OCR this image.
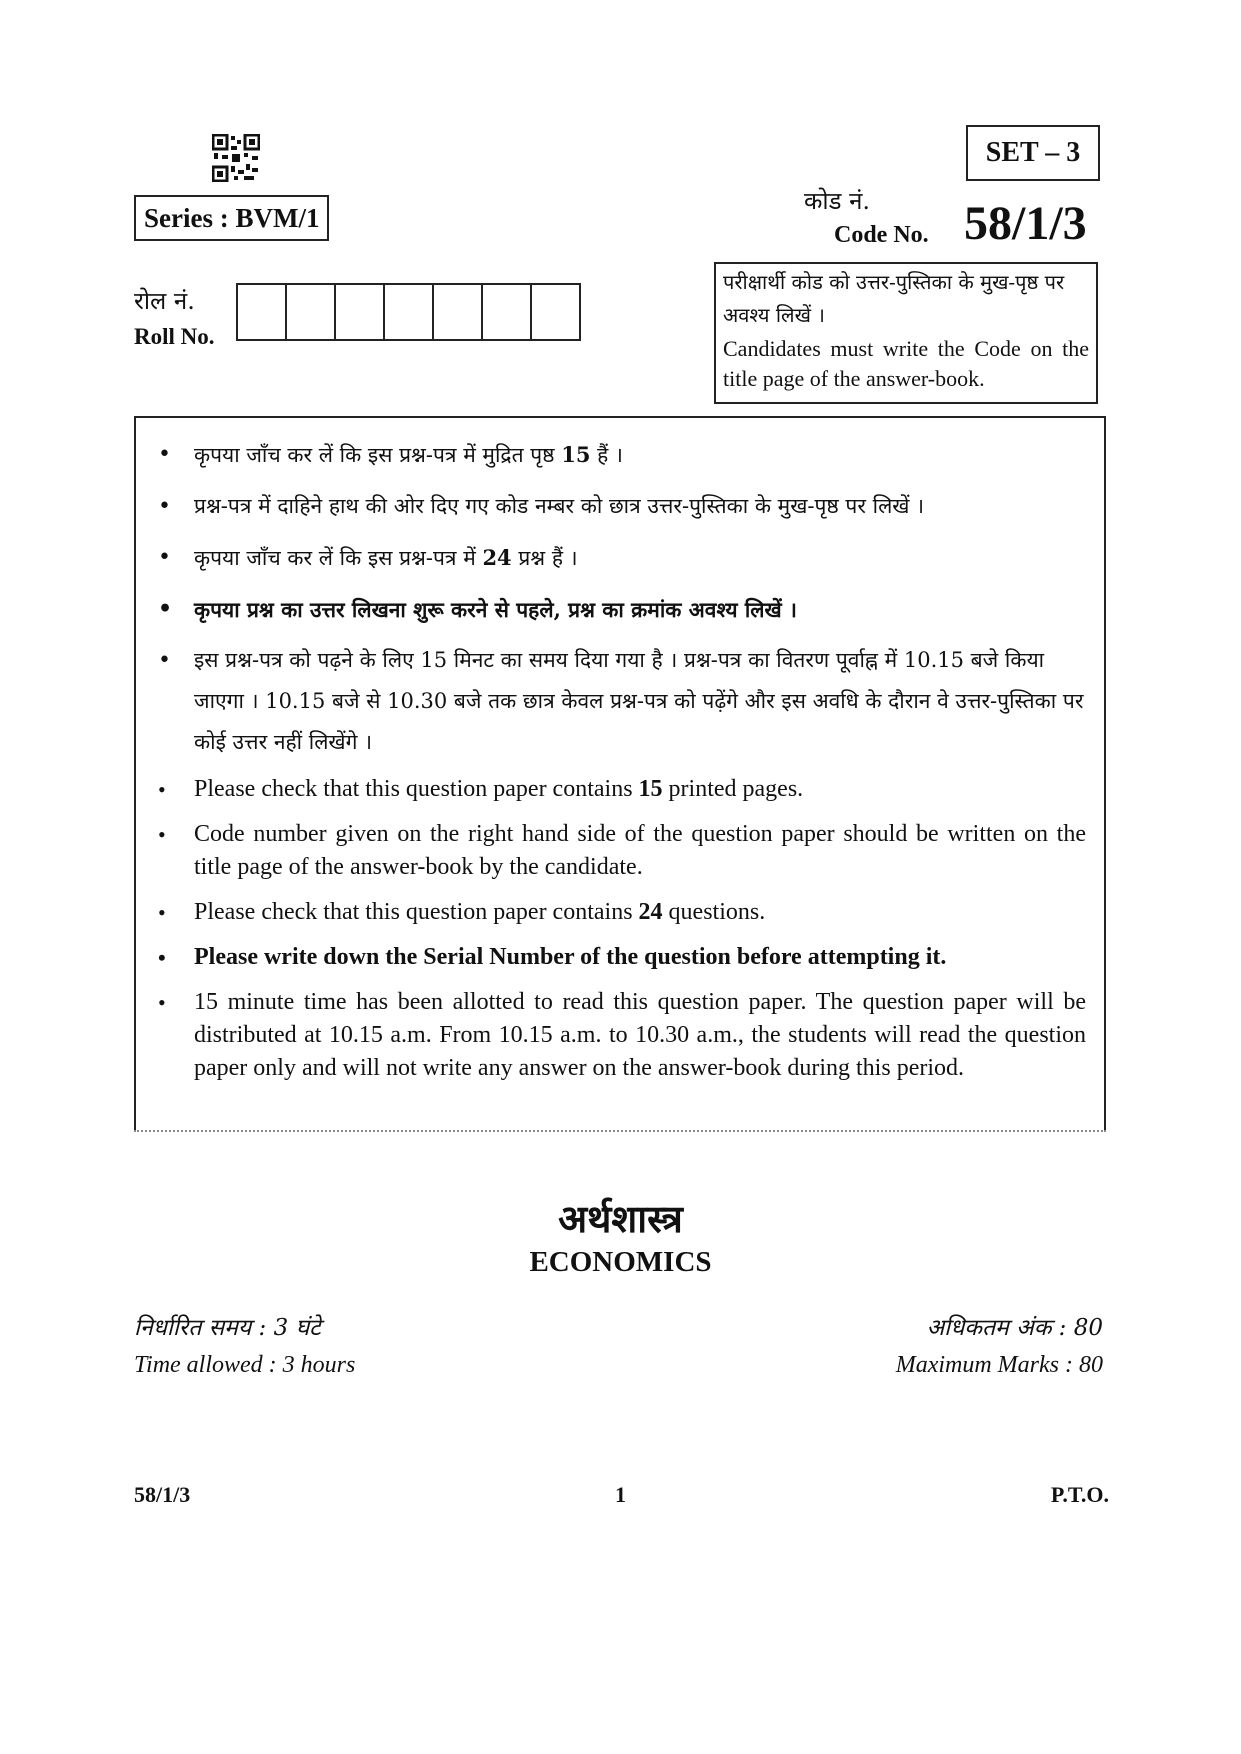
Series : BVM/1
SET – 3
कोड नं.
Code No. 58/1/3
रोल नं.
Roll No.
परीक्षार्थी कोड को उत्तर-पुस्तिका के मुख-पृष्ठ पर अवश्य लिखें ।
Candidates must write the Code on the title page of the answer-book.
• कृपया जाँच कर लें कि इस प्रश्न-पत्र में मुद्रित पृष्ठ 15 हैं ।
• प्रश्न-पत्र में दाहिने हाथ की ओर दिए गए कोड नम्बर को छात्र उत्तर-पुस्तिका के मुख-पृष्ठ पर लिखें ।
• कृपया जाँच कर लें कि इस प्रश्न-पत्र में 24 प्रश्न हैं ।
• कृपया प्रश्न का उत्तर लिखना शुरू करने से पहले, प्रश्न का क्रमांक अवश्य लिखें ।
• इस प्रश्न-पत्र को पढ़ने के लिए 15 मिनट का समय दिया गया है । प्रश्न-पत्र का वितरण पूर्वाह्न में 10.15 बजे किया जाएगा । 10.15 बजे से 10.30 बजे तक छात्र केवल प्रश्न-पत्र को पढ़ेंगे और इस अवधि के दौरान वे उत्तर-पुस्तिका पर कोई उत्तर नहीं लिखेंगे ।
• Please check that this question paper contains 15 printed pages.
• Code number given on the right hand side of the question paper should be written on the title page of the answer-book by the candidate.
• Please check that this question paper contains 24 questions.
• Please write down the Serial Number of the question before attempting it.
• 15 minute time has been allotted to read this question paper. The question paper will be distributed at 10.15 a.m. From 10.15 a.m. to 10.30 a.m., the students will read the question paper only and will not write any answer on the answer-book during this period.
अर्थशास्त्र
ECONOMICS
निर्धारित समय : 3 घंटे
Time allowed : 3 hours
अधिकतम अंक : 80
Maximum Marks : 80
58/1/3	1	P.T.O.
